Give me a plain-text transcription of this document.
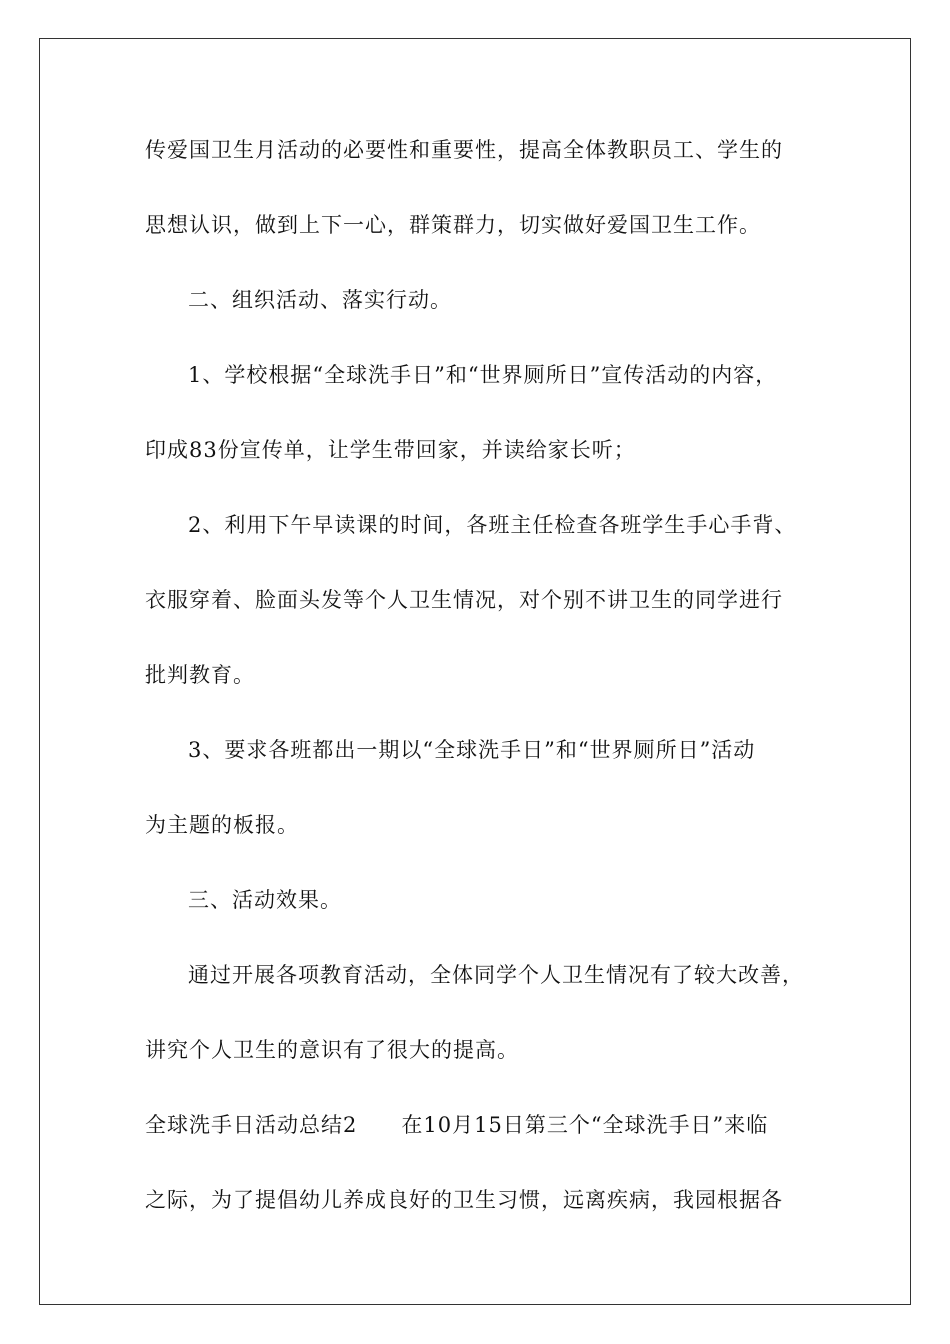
传爱国卫生月活动的必要性和重要性，提高全体教职员工、学生的
思想认识，做到上下一心，群策群力，切实做好爱国卫生工作。
二、组织活动、落实行动。
1、学校根据“全球洗手日”和“世界厕所日”宣传活动的内容，
印成83份宣传单，让学生带回家，并读给家长听；
2、利用下午早读课的时间，各班主任检查各班学生手心手背、
衣服穿着、脸面头发等个人卫生情况，对个别不讲卫生的同学进行
批判教育。
3、要求各班都出一期以“全球洗手日”和“世界厕所日”活动
为主题的板报。
三、活动效果。
通过开展各项教育活动，全体同学个人卫生情况有了较大改善，
讲究个人卫生的意识有了很大的提高。
全球洗手日活动总结2 在10月15日第三个“全球洗手日”来临
之际，为了提倡幼儿养成良好的卫生习惯，远离疾病，我园根据各
